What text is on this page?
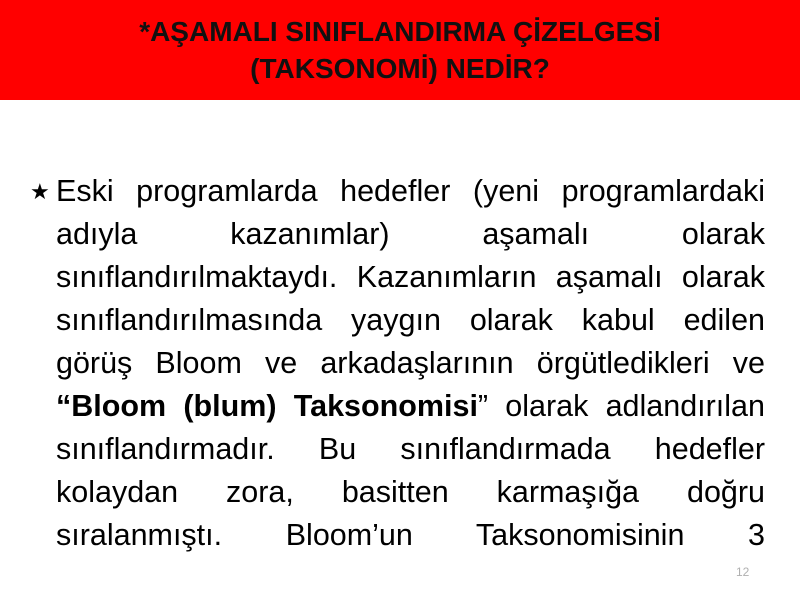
*AŞAMALI SINIFLANDIRMA ÇİZELGESİ
(TAKSONOMİ) NEDİR?
★ Eski programlarda hedefler (yeni programlardaki adıyla kazanımlar) aşamalı olarak sınıflandırılmaktaydı. Kazanımların aşamalı olarak sınıflandırılmasında yaygın olarak kabul edilen görüş Bloom ve arkadaşlarının örgütledikleri ve “Bloom (blum) Taksonomisi” olarak adlandırılan sınıflandırmadır. Bu sınıflandırmada hedefler kolaydan zora, basitten karmaşığa doğru sıralanmıştı. Bloom’un Taksonomisinin 3

12
